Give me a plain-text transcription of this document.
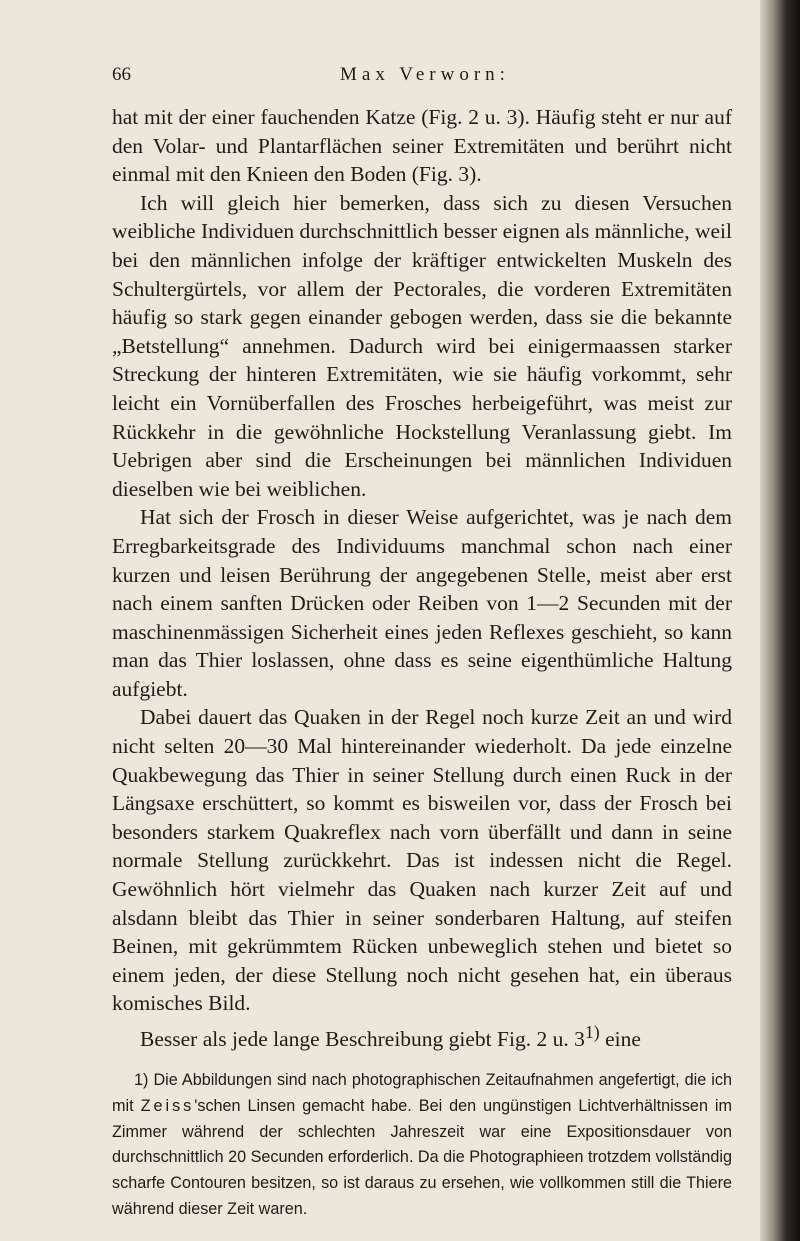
66	Max Verworn:

hat mit der einer fauchenden Katze (Fig. 2 u. 3). Häufig steht er nur auf den Volar- und Plantarflächen seiner Extremitäten und berührt nicht einmal mit den Knieen den Boden (Fig. 3).

Ich will gleich hier bemerken, dass sich zu diesen Versuchen weibliche Individuen durchschnittlich besser eignen als männliche, weil bei den männlichen infolge der kräftiger entwickelten Muskeln des Schultergürtels, vor allem der Pectorales, die vorderen Extremitäten häufig so stark gegen einander gebogen werden, dass sie die bekannte „Betstellung“ annehmen. Dadurch wird bei einigermaassen starker Streckung der hinteren Extremitäten, wie sie häufig vorkommt, sehr leicht ein Vornüberfallen des Frosches herbeigeführt, was meist zur Rückkehr in die gewöhnliche Hockstellung Veranlassung giebt. Im Uebrigen aber sind die Erscheinungen bei männlichen Individuen dieselben wie bei weiblichen.

Hat sich der Frosch in dieser Weise aufgerichtet, was je nach dem Erregbarkeitsgrade des Individuums manchmal schon nach einer kurzen und leisen Berührung der angegebenen Stelle, meist aber erst nach einem sanften Drücken oder Reiben von 1—2 Secunden mit der maschinenmässigen Sicherheit eines jeden Reflexes geschieht, so kann man das Thier loslassen, ohne dass es seine eigenthümliche Haltung aufgiebt.

Dabei dauert das Quaken in der Regel noch kurze Zeit an und wird nicht selten 20—30 Mal hintereinander wiederholt. Da jede einzelne Quakbewegung das Thier in seiner Stellung durch einen Ruck in der Längsaxe erschüttert, so kommt es bisweilen vor, dass der Frosch bei besonders starkem Quakreflex nach vorn überfällt und dann in seine normale Stellung zurückkehrt. Das ist indessen nicht die Regel. Gewöhnlich hört vielmehr das Quaken nach kurzer Zeit auf und alsdann bleibt das Thier in seiner sonderbaren Haltung, auf steifen Beinen, mit gekrümmtem Rücken unbeweglich stehen und bietet so einem jeden, der diese Stellung noch nicht gesehen hat, ein überaus komisches Bild.

Besser als jede lange Beschreibung giebt Fig. 2 u. 3$^{1)}$ eine

1) Die Abbildungen sind nach photographischen Zeitaufnahmen angefertigt, die ich mit Zeiss'schen Linsen gemacht habe. Bei den ungünstigen Lichtverhältnissen im Zimmer während der schlechten Jahreszeit war eine Expositionsdauer von durchschnittlich 20 Secunden erforderlich. Da die Photographieen trotzdem vollständig scharfe Contouren besitzen, so ist daraus zu ersehen, wie vollkommen still die Thiere während dieser Zeit waren.
